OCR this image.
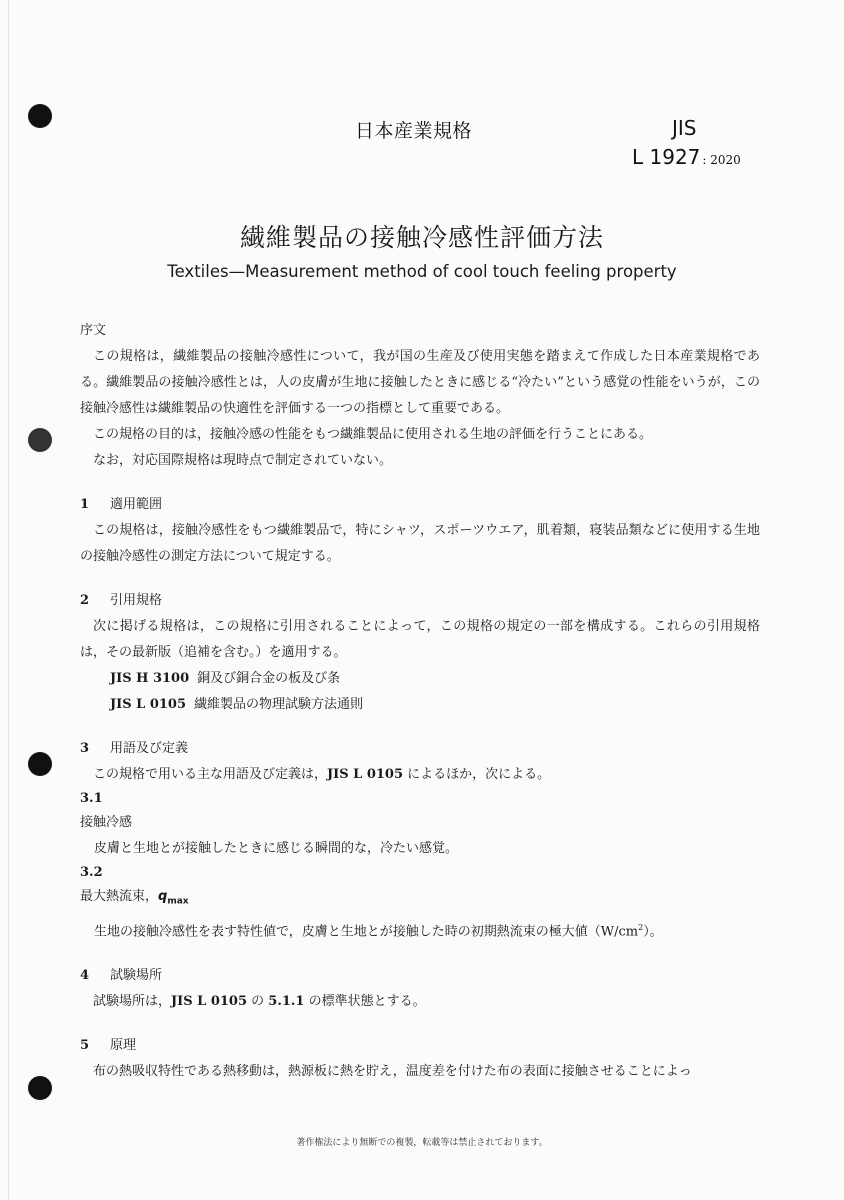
日本産業規格	JIS
L 1927 : 2020
繊維製品の接触冷感性評価方法
Textiles—Measurement method of cool touch feeling property
序文

この規格は，繊維製品の接触冷感性について，我が国の生産及び使用実態を踏まえて作成した日本産業規格である。繊維製品の接触冷感性とは，人の皮膚が生地に接触したときに感じる“冷たい”という感覚の性能をいうが，この接触冷感性は繊維製品の快適性を評価する一つの指標として重要である。

この規格の目的は，接触冷感の性能をもつ繊維製品に使用される生地の評価を行うことにある。

なお，対応国際規格は現時点で制定されていない。

1 適用範囲

この規格は，接触冷感性をもつ繊維製品で，特にシャツ，スポーツウエア，肌着類，寝装品類などに使用する生地の接触冷感性の測定方法について規定する。

2 引用規格

次に掲げる規格は，この規格に引用されることによって，この規格の規定の一部を構成する。これらの引用規格は，その最新版（追補を含む。）を適用する。

JIS H 3100 銅及び銅合金の板及び条
JIS L 0105 繊維製品の物理試験方法通則
3 用語及び定義

この規格で用いる主な用語及び定義は，JIS L 0105 によるほか，次による。

3.1
接触冷感
皮膚と生地とが接触したときに感じる瞬間的な，冷たい感覚。
3.2
最大熱流束，$q_{max}$
生地の接触冷感性を表す特性値で，皮膚と生地とが接触した時の初期熱流束の極大値$(W/cm^2)$。
4 試験場所

試験場所は，JIS L 0105 の 5.1.1 の標準状態とする。

5 原理

布の熱吸収特性である熱移動は，熱源板に熱を貯え，温度差を付けた布の表面に接触させることによっ

著作権法により無断での複製，転載等は禁止されております。
